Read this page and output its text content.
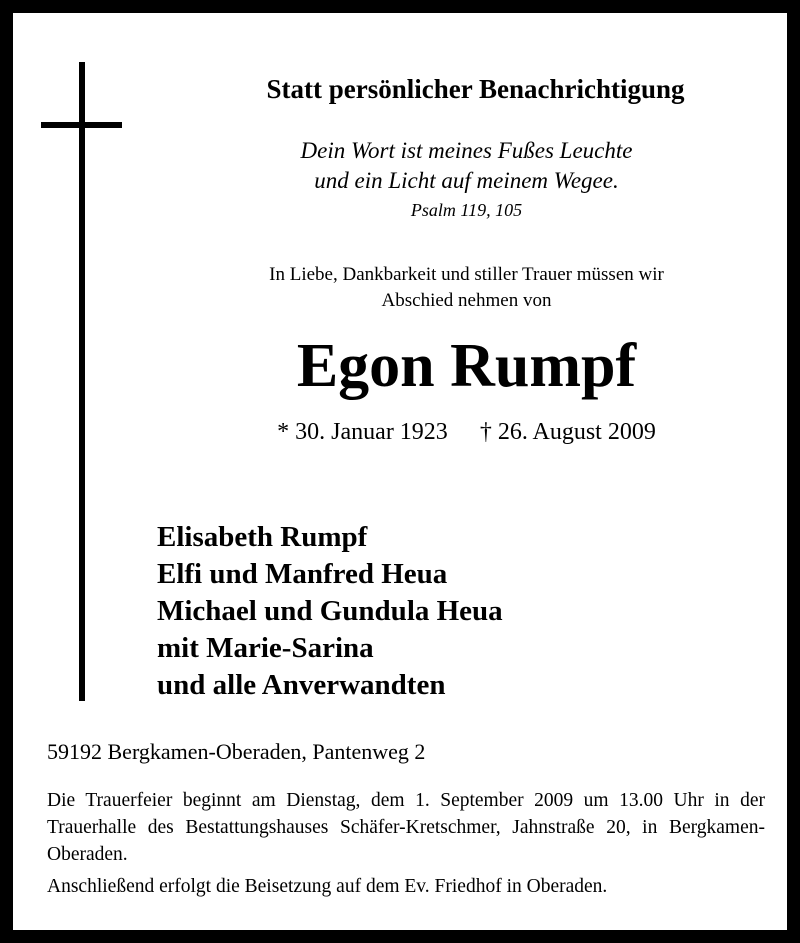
Statt persönlicher Benachrichtigung
Dein Wort ist meines Fußes Leuchte
und ein Licht auf meinem Wegee.
Psalm 119, 105
In Liebe, Dankbarkeit und stiller Trauer müssen wir
Abschied nehmen von
Egon Rumpf
* 30. Januar 1923 † 26. August 2009
Elisabeth Rumpf
Elfi und Manfred Heua
Michael und Gundula Heua
mit Marie-Sarina
und alle Anverwandten
59192 Bergkamen-Oberaden, Pantenweg 2
Die Trauerfeier beginnt am Dienstag, dem 1. September 2009 um 13.00 Uhr in der Trauerhalle des Bestattungshauses Schäfer-Kretschmer, Jahnstraße 20, in Bergkamen-Oberaden.
Anschließend erfolgt die Beisetzung auf dem Ev. Friedhof in Oberaden.
